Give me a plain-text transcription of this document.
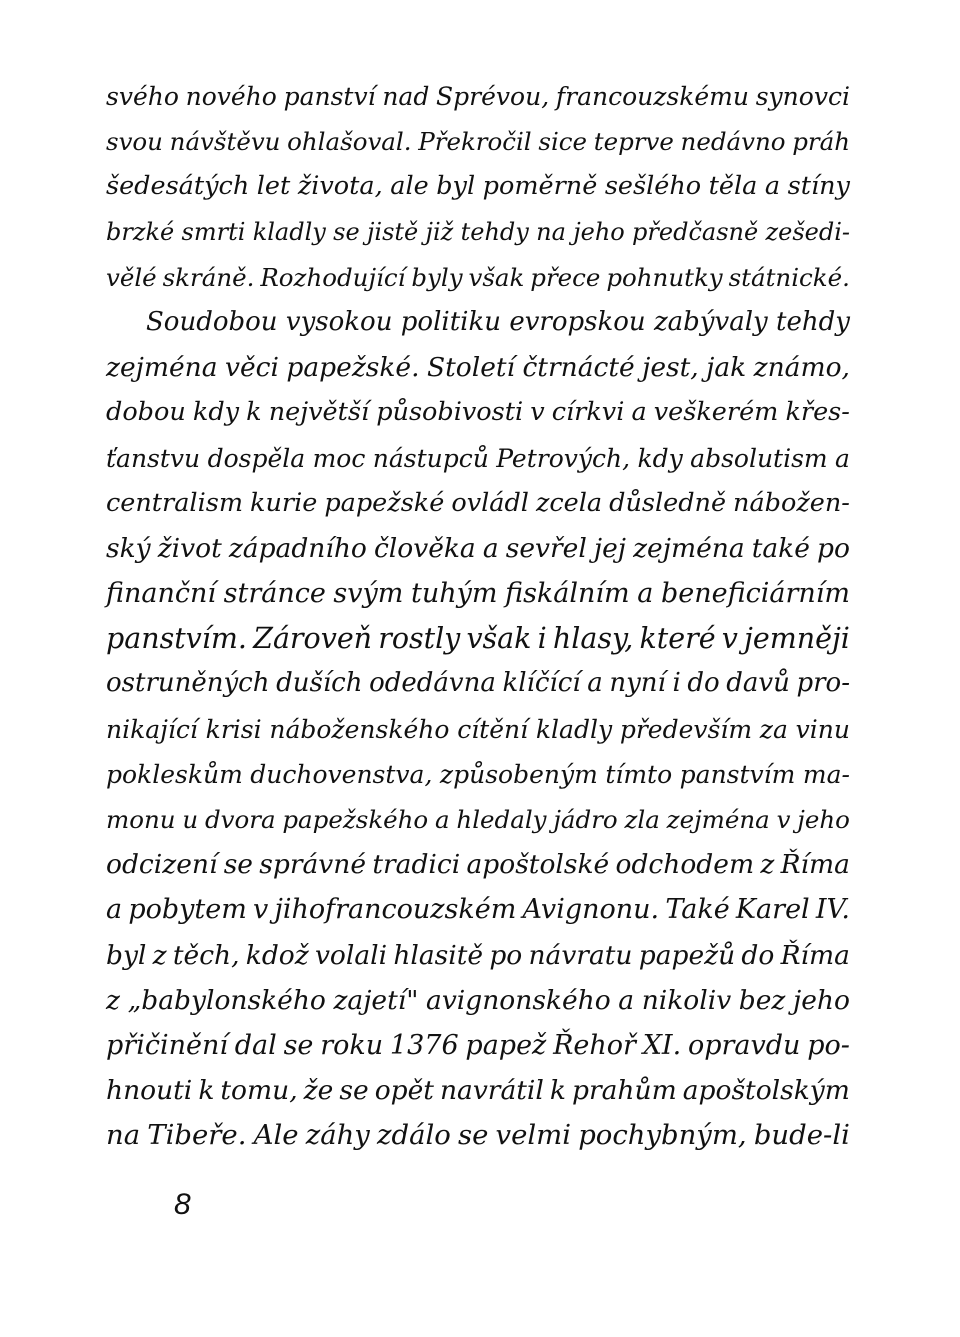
svého nového panství nad Sprévou, francouzskému synovci
svou návštěvu ohlašoval. Překročil sice teprve nedávno práh
šedesátých let života, ale byl poměrně sešlého těla a stíny
brzké smrti kladly se jistě již tehdy na jeho předčasně zešedi-
vělé skráně. Rozhodující byly však přece pohnutky státnické.
Soudobou vysokou politiku evropskou zabývaly tehdy
zejména věci papežské. Století čtrnácté jest, jak známo,
dobou kdy k největší působivosti v církvi a veškerém křes-
ťanstvu dospěla moc nástupců Petrových, kdy absolutism a
centralism kurie papežské ovládl zcela důsledně nábožen-
ský život západního člověka a sevřel jej zejména také po
finanční stránce svým tuhým fiskálním a beneficiárním
panstvím. Zároveň rostly však i hlasy, které v jemněji
ostruněných duších odedávna klíčící a nyní i do davů pro-
nikající krisi náboženského cítění kladly především za vinu
pokleskům duchovenstva, způsobeným tímto panstvím ma-
monu u dvora papežského a hledaly jádro zla zejména v jeho
odcizení se správné tradici apoštolské odchodem z Říma
a pobytem v jihofrancouzském Avignonu. Také Karel IV.
byl z těch, kdož volali hlasitě po návratu papežů do Říma
z „babylonského zajetí" avignonského a nikoliv bez jeho
přičinění dal se roku 1376 papež Řehoř XI. opravdu po-
hnouti k tomu, že se opět navrátil k prahům apoštolským
na Tibeře. Ale záhy zdálo se velmi pochybným, bude-li
8
